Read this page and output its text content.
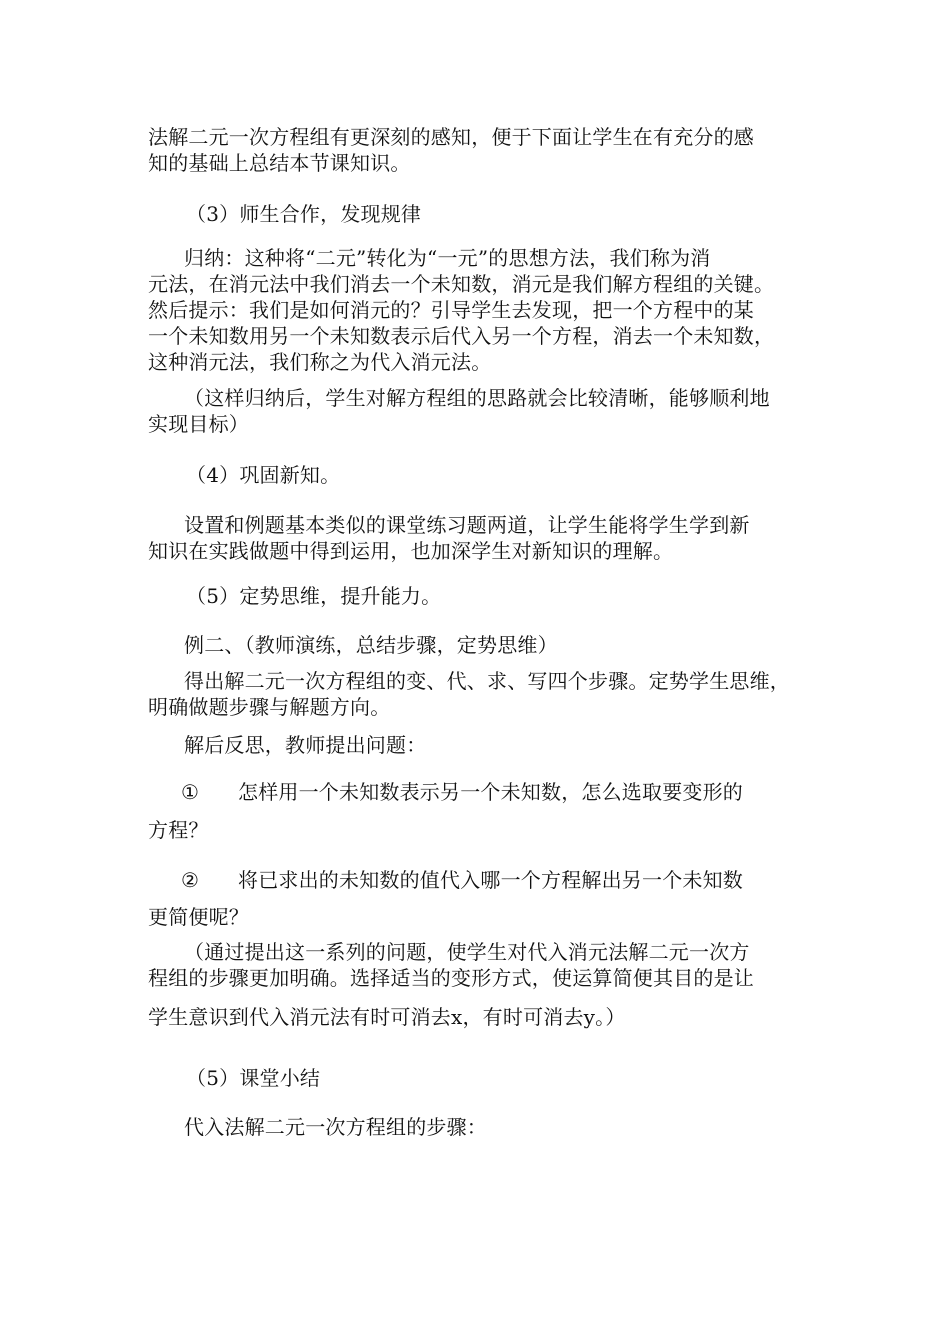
法解二元一次方程组有更深刻的感知，便于下面让学生在有充分的感
知的基础上总结本节课知识。
（3）师生合作，发现规律
归纳：这种将“二元”转化为“一元”的思想方法，我们称为消
元法，在消元法中我们消去一个未知数，消元是我们解方程组的关键。
然后提示：我们是如何消元的？引导学生去发现，把一个方程中的某
一个未知数用另一个未知数表示后代入另一个方程，消去一个未知数，
这种消元法，我们称之为代入消元法。
（这样归纳后，学生对解方程组的思路就会比较清晰，能够顺利地
实现目标）
（4）巩固新知。
设置和例题基本类似的课堂练习题两道，让学生能将学生学到新
知识在实践做题中得到运用，也加深学生对新知识的理解。
（5）定势思维，提升能力。
例二、（教师演练，总结步骤，定势思维）
得出解二元一次方程组的变、代、求、写四个步骤。定势学生思维，
明确做题步骤与解题方向。
解后反思，教师提出问题：
① 怎样用一个未知数表示另一个未知数，怎么选取要变形的
方程？
② 将已求出的未知数的值代入哪一个方程解出另一个未知数
更简便呢？
（通过提出这一系列的问题，使学生对代入消元法解二元一次方
程组的步骤更加明确。选择适当的变形方式，使运算简便其目的是让
学生意识到代入消元法有时可消去x，有时可消去y。）
（5）课堂小结
代入法解二元一次方程组的步骤：
